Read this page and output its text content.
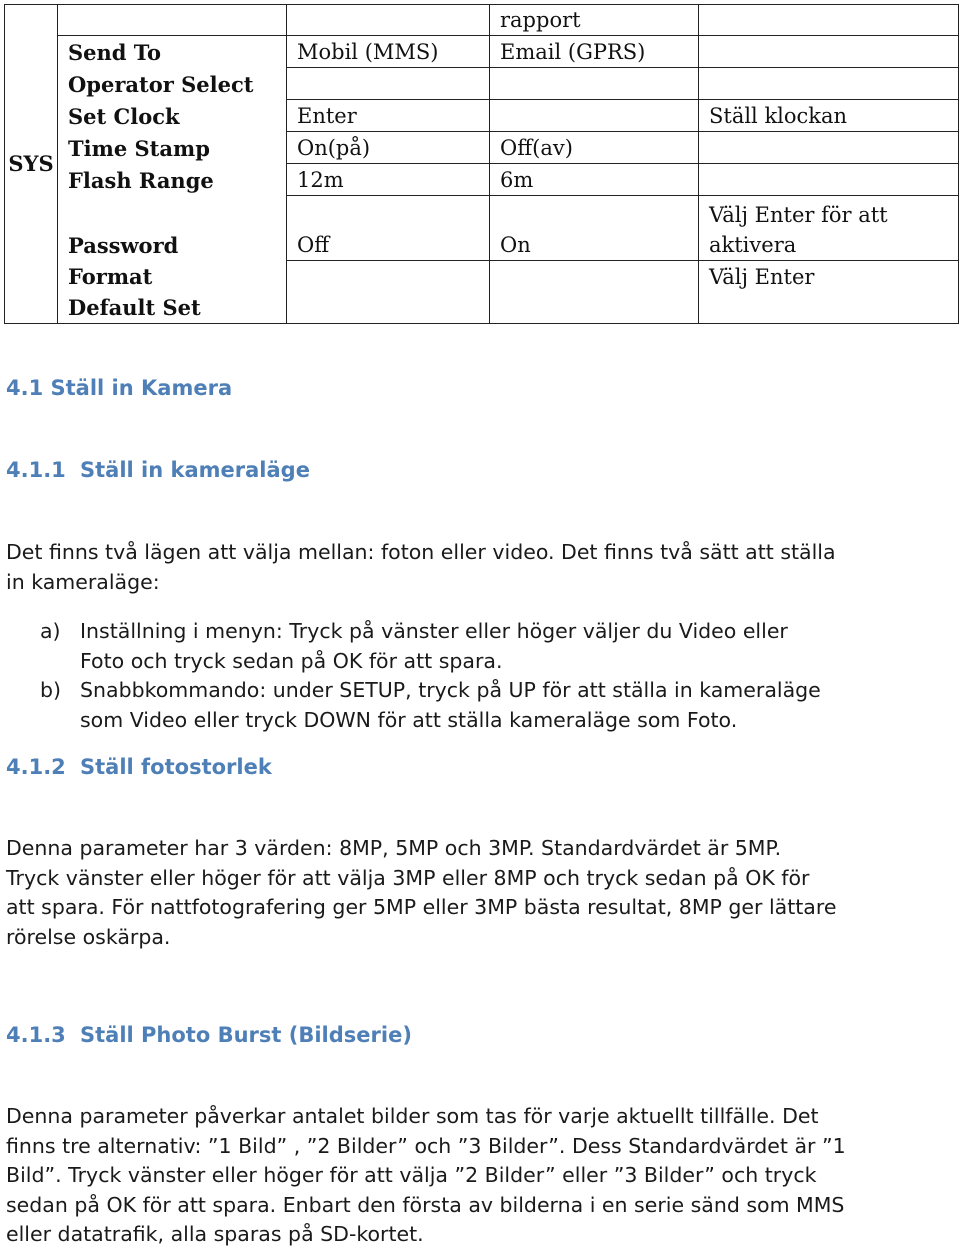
SYS			rapport	
	Send To	Mobil (MMS)	Email (GPRS)	
	Operator Select			
	Set Clock	Enter		Ställ klockan
	Time Stamp	On(på)	Off(av)	
	Flash Range	12m	6m	
	Password	Off	On	Välj Enter för att
aktivera

	Format			Välj Enter
	Default Set			
4.1 Ställ in Kamera
4.1.1 Ställ in kameraläge
Det finns två lägen att välja mellan: foton eller video. Det finns två sätt att ställa
in kameraläge:
a) Inställning i menyn: Tryck på vänster eller höger väljer du Video eller
Foto och tryck sedan på OK för att spara.
b) Snabbkommando: under SETUP, tryck på UP för att ställa in kameraläge
som Video eller tryck DOWN för att ställa kameraläge som Foto.
4.1.2 Ställ fotostorlek
Denna parameter har 3 värden: 8MP, 5MP och 3MP. Standardvärdet är 5MP.
Tryck vänster eller höger för att välja 3MP eller 8MP och tryck sedan på OK för
att spara. För nattfotografering ger 5MP eller 3MP bästa resultat, 8MP ger lättare
rörelse oskärpa.
4.1.3 Ställ Photo Burst (Bildserie)
Denna parameter påverkar antalet bilder som tas för varje aktuellt tillfälle. Det
finns tre alternativ: ”1 Bild” , ”2 Bilder” och ”3 Bilder”. Dess Standardvärdet är ”1
Bild”. Tryck vänster eller höger för att välja ”2 Bilder” eller ”3 Bilder” och tryck
sedan på OK för att spara. Enbart den första av bilderna i en serie sänd som MMS
eller datatrafik, alla sparas på SD-kortet.
